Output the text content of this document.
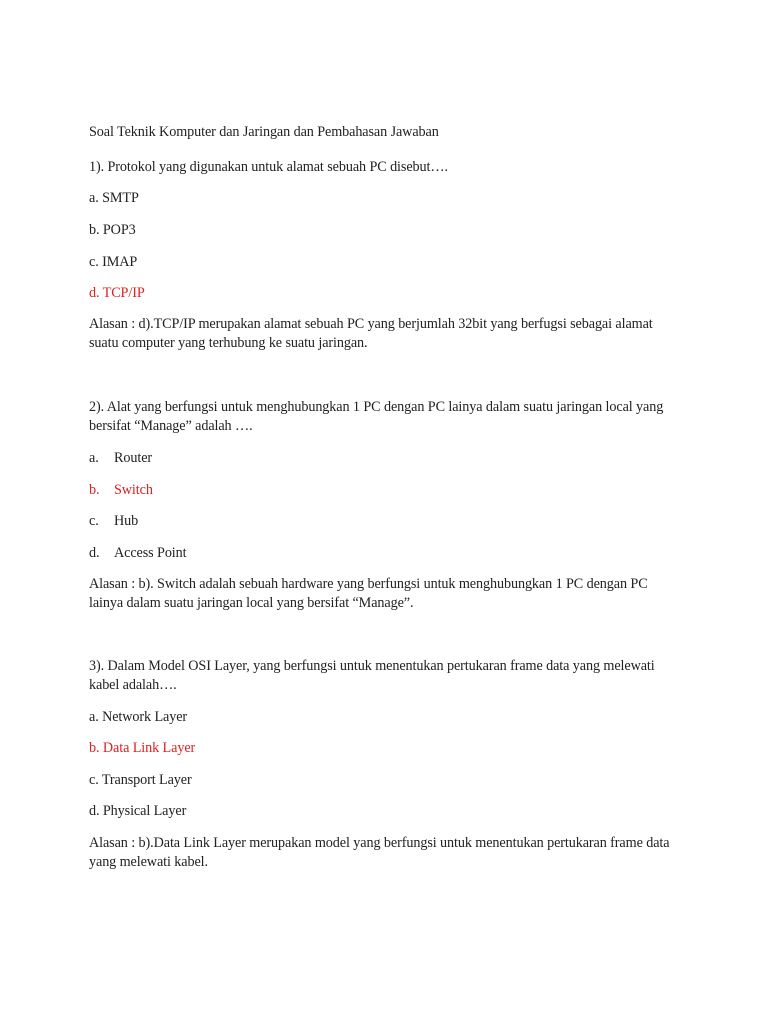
Soal Teknik Komputer dan Jaringan dan Pembahasan Jawaban
1). Protokol yang digunakan untuk alamat sebuah PC disebut….
a. SMTP
b. POP3
c. IMAP
d. TCP/IP
Alasan : d).TCP/IP merupakan alamat sebuah PC yang berjumlah 32bit yang berfugsi sebagai alamat
suatu computer yang terhubung ke suatu jaringan.
2). Alat yang berfungsi untuk menghubungkan 1 PC dengan PC lainya dalam suatu jaringan local yang
bersifat “Manage” adalah ….
a. Router
b. Switch
c. Hub
d. Access Point
Alasan : b). Switch adalah sebuah hardware yang berfungsi untuk menghubungkan 1 PC dengan PC
lainya dalam suatu jaringan local yang bersifat “Manage”.
3). Dalam Model OSI Layer, yang berfungsi untuk menentukan pertukaran frame data yang melewati
kabel adalah….
a. Network Layer
b. Data Link Layer
c. Transport Layer
d. Physical Layer
Alasan : b).Data Link Layer merupakan model yang berfungsi untuk menentukan pertukaran frame data
yang melewati kabel.
